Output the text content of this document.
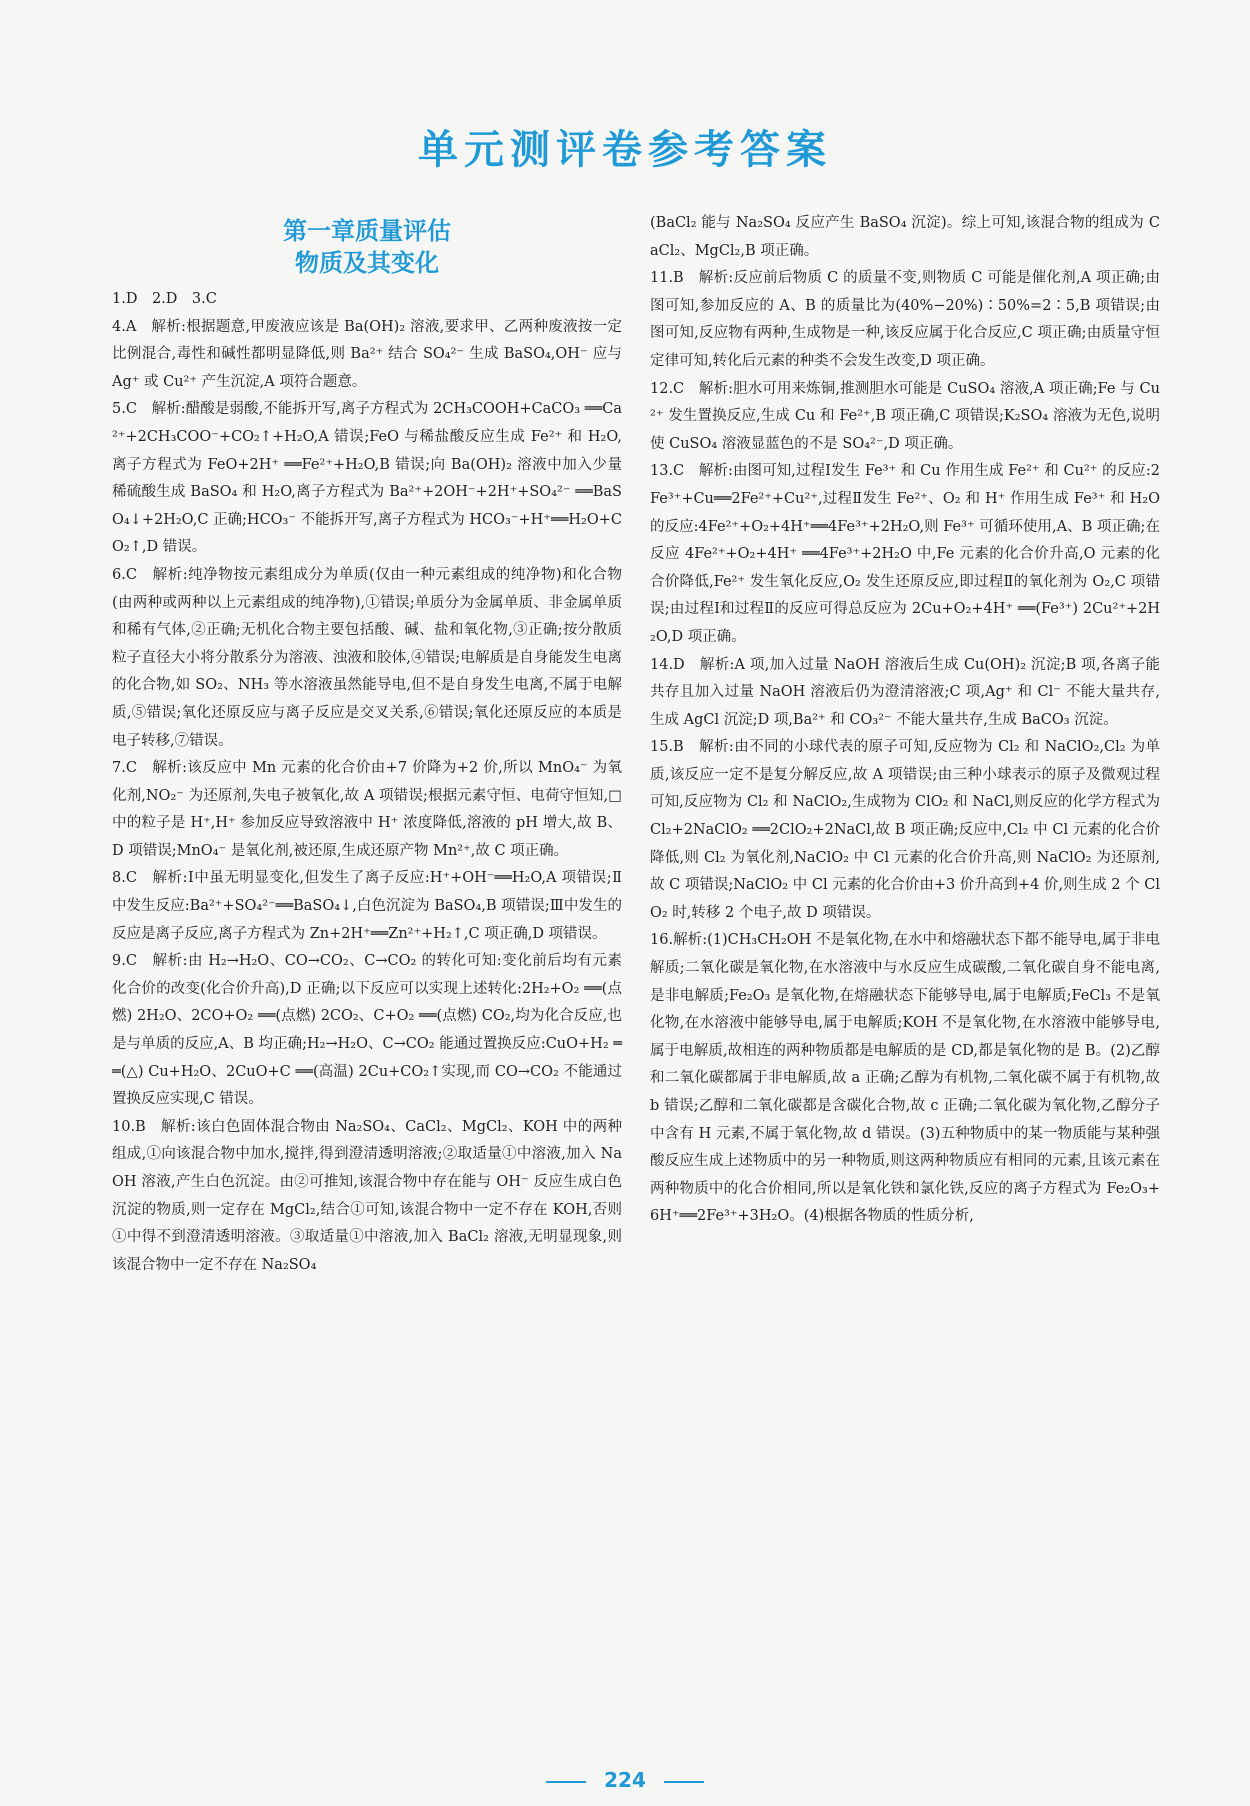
单元测评卷参考答案
第一章质量评估
物质及其变化

1.D　2.D　3.C

4.A　解析:根据题意,甲废液应该是 Ba(OH)₂ 溶液,要求甲、乙两种废液按一定比例混合,毒性和碱性都明显降低,则 Ba²⁺ 结合 SO₄²⁻ 生成 BaSO₄,OH⁻ 应与 Ag⁺ 或 Cu²⁺ 产生沉淀,A 项符合题意。

5.C　解析:醋酸是弱酸,不能拆开写,离子方程式为 2CH₃COOH+CaCO₃ ══Ca²⁺+2CH₃COO⁻+CO₂↑+H₂O,A 错误;FeO 与稀盐酸反应生成 Fe²⁺ 和 H₂O,离子方程式为 FeO+2H⁺ ══Fe²⁺+H₂O,B 错误;向 Ba(OH)₂ 溶液中加入少量稀硫酸生成 BaSO₄ 和 H₂O,离子方程式为 Ba²⁺+2OH⁻+2H⁺+SO₄²⁻ ══BaSO₄↓+2H₂O,C 正确;HCO₃⁻ 不能拆开写,离子方程式为 HCO₃⁻+H⁺══H₂O+CO₂↑,D 错误。

6.C　解析:纯净物按元素组成分为单质(仅由一种元素组成的纯净物)和化合物(由两种或两种以上元素组成的纯净物),①错误;单质分为金属单质、非金属单质和稀有气体,②正确;无机化合物主要包括酸、碱、盐和氧化物,③正确;按分散质粒子直径大小将分散系分为溶液、浊液和胶体,④错误;电解质是自身能发生电离的化合物,如 SO₂、NH₃ 等水溶液虽然能导电,但不是自身发生电离,不属于电解质,⑤错误;氧化还原反应与离子反应是交叉关系,⑥错误;氧化还原反应的本质是电子转移,⑦错误。

7.C　解析:该反应中 Mn 元素的化合价由+7 价降为+2 价,所以 MnO₄⁻ 为氧化剂,NO₂⁻ 为还原剂,失电子被氧化,故 A 项错误;根据元素守恒、电荷守恒知,□中的粒子是 H⁺,H⁺ 参加反应导致溶液中 H⁺ 浓度降低,溶液的 pH 增大,故 B、D 项错误;MnO₄⁻ 是氧化剂,被还原,生成还原产物 Mn²⁺,故 C 项正确。

8.C　解析:Ⅰ中虽无明显变化,但发生了离子反应:H⁺+OH⁻══H₂O,A 项错误;Ⅱ中发生反应:Ba²⁺+SO₄²⁻══BaSO₄↓,白色沉淀为 BaSO₄,B 项错误;Ⅲ中发生的反应是离子反应,离子方程式为 Zn+2H⁺══Zn²⁺+H₂↑,C 项正确,D 项错误。

9.C　解析:由 H₂→H₂O、CO→CO₂、C→CO₂ 的转化可知:变化前后均有元素化合价的改变(化合价升高),D 正确;以下反应可以实现上述转化:2H₂+O₂ ══(点燃) 2H₂O、2CO+O₂ ══(点燃) 2CO₂、C+O₂ ══(点燃) CO₂,均为化合反应,也是与单质的反应,A、B 均正确;H₂→H₂O、C→CO₂ 能通过置换反应:CuO+H₂ ══(△) Cu+H₂O、2CuO+C ══(高温) 2Cu+CO₂↑实现,而 CO→CO₂ 不能通过置换反应实现,C 错误。

10.B　解析:该白色固体混合物由 Na₂SO₄、CaCl₂、MgCl₂、KOH 中的两种组成,①向该混合物中加水,搅拌,得到澄清透明溶液;②取适量①中溶液,加入 NaOH 溶液,产生白色沉淀。由②可推知,该混合物中存在能与 OH⁻ 反应生成白色沉淀的物质,则一定存在 MgCl₂,结合①可知,该混合物中一定不存在 KOH,否则①中得不到澄清透明溶液。③取适量①中溶液,加入 BaCl₂ 溶液,无明显现象,则该混合物中一定不存在 Na₂SO₄

(BaCl₂ 能与 Na₂SO₄ 反应产生 BaSO₄ 沉淀)。综上可知,该混合物的组成为 CaCl₂、MgCl₂,B 项正确。

11.B　解析:反应前后物质 C 的质量不变,则物质 C 可能是催化剂,A 项正确;由图可知,参加反应的 A、B 的质量比为(40%−20%)∶50%=2∶5,B 项错误;由图可知,反应物有两种,生成物是一种,该反应属于化合反应,C 项正确;由质量守恒定律可知,转化后元素的种类不会发生改变,D 项正确。

12.C　解析:胆水可用来炼铜,推测胆水可能是 CuSO₄ 溶液,A 项正确;Fe 与 Cu²⁺ 发生置换反应,生成 Cu 和 Fe²⁺,B 项正确,C 项错误;K₂SO₄ 溶液为无色,说明使 CuSO₄ 溶液显蓝色的不是 SO₄²⁻,D 项正确。

13.C　解析:由图可知,过程Ⅰ发生 Fe³⁺ 和 Cu 作用生成 Fe²⁺ 和 Cu²⁺ 的反应:2Fe³⁺+Cu══2Fe²⁺+Cu²⁺,过程Ⅱ发生 Fe²⁺、O₂ 和 H⁺ 作用生成 Fe³⁺ 和 H₂O 的反应:4Fe²⁺+O₂+4H⁺══4Fe³⁺+2H₂O,则 Fe³⁺ 可循环使用,A、B 项正确;在反应 4Fe²⁺+O₂+4H⁺ ══4Fe³⁺+2H₂O 中,Fe 元素的化合价升高,O 元素的化合价降低,Fe²⁺ 发生氧化反应,O₂ 发生还原反应,即过程Ⅱ的氧化剂为 O₂,C 项错误;由过程Ⅰ和过程Ⅱ的反应可得总反应为 2Cu+O₂+4H⁺ ══(Fe³⁺) 2Cu²⁺+2H₂O,D 项正确。

14.D　解析:A 项,加入过量 NaOH 溶液后生成 Cu(OH)₂ 沉淀;B 项,各离子能共存且加入过量 NaOH 溶液后仍为澄清溶液;C 项,Ag⁺ 和 Cl⁻ 不能大量共存,生成 AgCl 沉淀;D 项,Ba²⁺ 和 CO₃²⁻ 不能大量共存,生成 BaCO₃ 沉淀。

15.B　解析:由不同的小球代表的原子可知,反应物为 Cl₂ 和 NaClO₂,Cl₂ 为单质,该反应一定不是复分解反应,故 A 项错误;由三种小球表示的原子及微观过程可知,反应物为 Cl₂ 和 NaClO₂,生成物为 ClO₂ 和 NaCl,则反应的化学方程式为 Cl₂+2NaClO₂ ══2ClO₂+2NaCl,故 B 项正确;反应中,Cl₂ 中 Cl 元素的化合价降低,则 Cl₂ 为氧化剂,NaClO₂ 中 Cl 元素的化合价升高,则 NaClO₂ 为还原剂,故 C 项错误;NaClO₂ 中 Cl 元素的化合价由+3 价升高到+4 价,则生成 2 个 ClO₂ 时,转移 2 个电子,故 D 项错误。

16.解析:(1)CH₃CH₂OH 不是氧化物,在水中和熔融状态下都不能导电,属于非电解质;二氧化碳是氧化物,在水溶液中与水反应生成碳酸,二氧化碳自身不能电离,是非电解质;Fe₂O₃ 是氧化物,在熔融状态下能够导电,属于电解质;FeCl₃ 不是氧化物,在水溶液中能够导电,属于电解质;KOH 不是氧化物,在水溶液中能够导电,属于电解质,故相连的两种物质都是电解质的是 CD,都是氧化物的是 B。(2)乙醇和二氧化碳都属于非电解质,故 a 正确;乙醇为有机物,二氧化碳不属于有机物,故 b 错误;乙醇和二氧化碳都是含碳化合物,故 c 正确;二氧化碳为氧化物,乙醇分子中含有 H 元素,不属于氧化物,故 d 错误。(3)五种物质中的某一物质能与某种强酸反应生成上述物质中的另一种物质,则这两种物质应有相同的元素,且该元素在两种物质中的化合价相同,所以是氧化铁和氯化铁,反应的离子方程式为 Fe₂O₃+6H⁺══2Fe³⁺+3H₂O。(4)根据各物质的性质分析,

224
